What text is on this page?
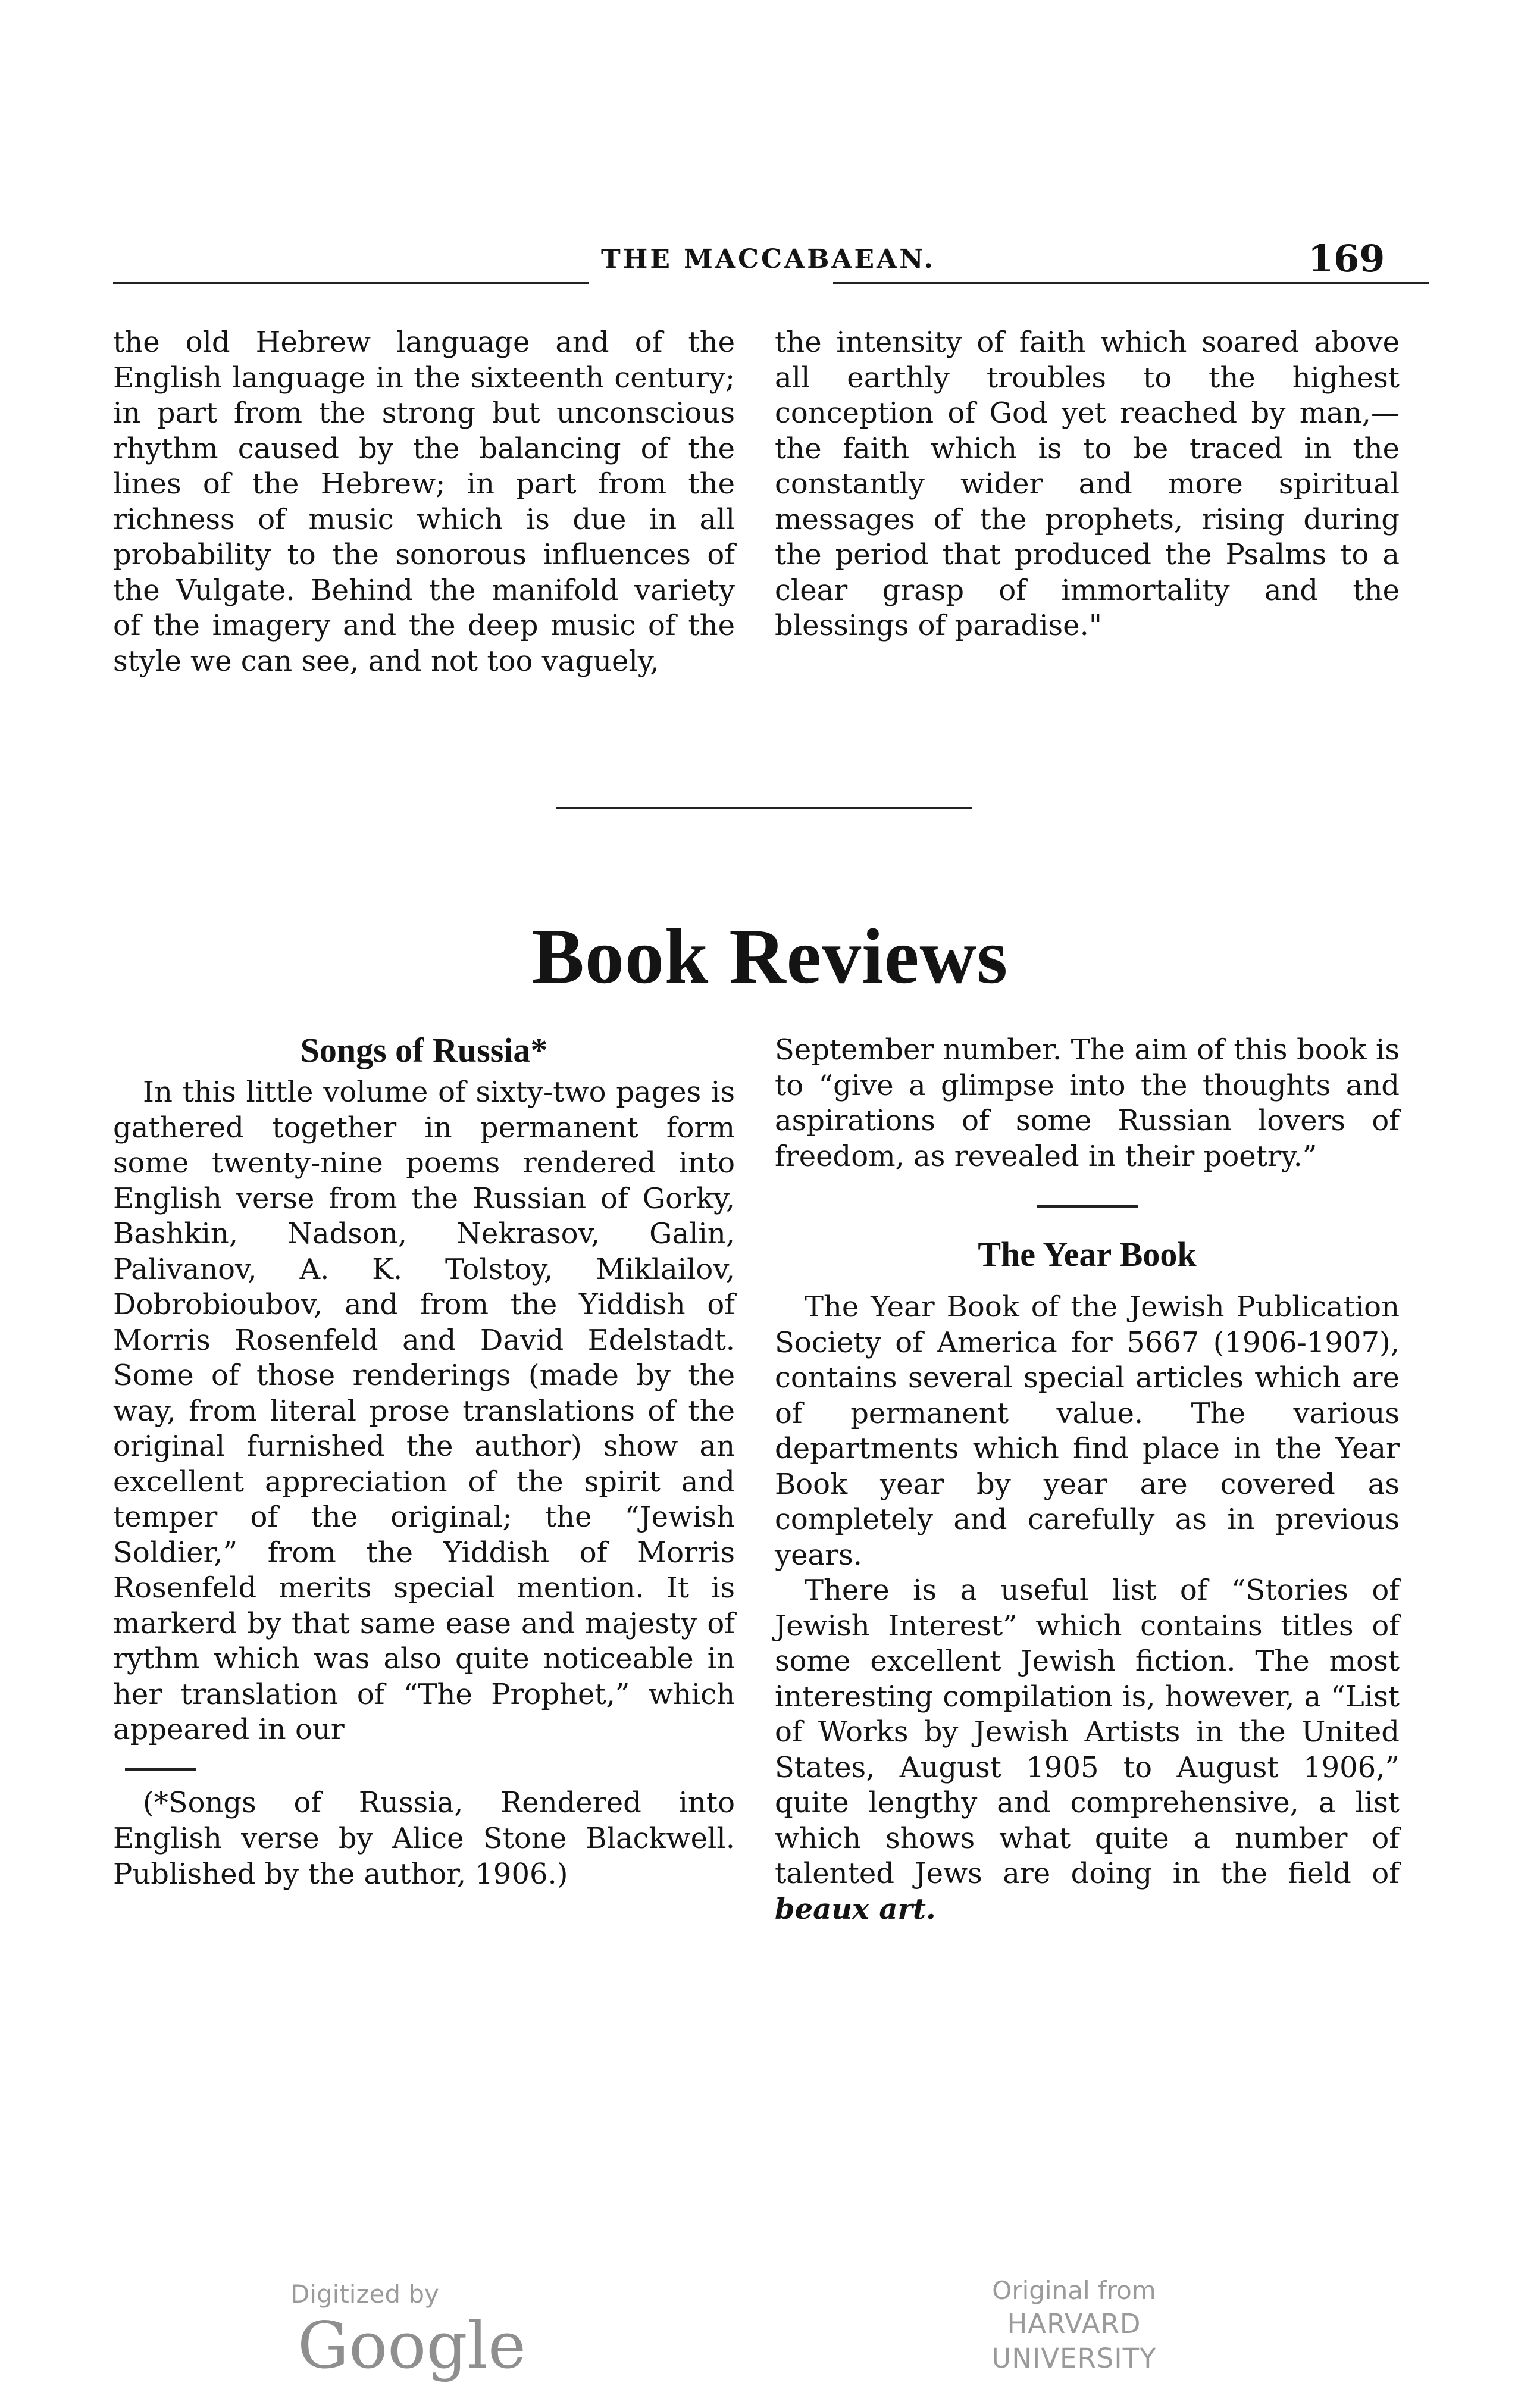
THE MACCABAEAN.	169

the old Hebrew language and of the English language in the sixteenth century; in part from the strong but unconscious rhythm caused by the balancing of the lines of the Hebrew; in part from the richness of music which is due in all probability to the sonorous influences of the Vulgate. Behind the manifold variety of the imagery and the deep music of the style we can see, and not too vaguely,

the intensity of faith which soared above all earthly troubles to the highest conception of God yet reached by man,—the faith which is to be traced in the constantly wider and more spiritual messages of the prophets, rising during the period that produced the Psalms to a clear grasp of immortality and the blessings of paradise."

Book Reviews
Songs of Russia*

In this little volume of sixty-two pages is gathered together in permanent form some twenty-nine poems rendered into English verse from the Russian of Gorky, Bashkin, Nadson, Nekrasov, Galin, Palivanov, A. K. Tolstoy, Miklailov, Dobrobioubov, and from the Yiddish of Morris Rosenfeld and David Edelstadt. Some of those renderings (made by the way, from literal prose translations of the original furnished the author) show an excellent appreciation of the spirit and temper of the original; the “Jewish Soldier,” from the Yiddish of Morris Rosenfeld merits special mention. It is markerd by that same ease and majesty of rythm which was also quite noticeable in her translation of “The Prophet,” which appeared in our

(*Songs of Russia, Rendered into English verse by Alice Stone Blackwell. Published by the author, 1906.)

September number. The aim of this book is to “give a glimpse into the thoughts and aspirations of some Russian lovers of freedom, as revealed in their poetry.”

The Year Book

The Year Book of the Jewish Publication Society of America for 5667 (1906-1907), contains several special articles which are of permanent value. The various departments which find place in the Year Book year by year are covered as completely and carefully as in previous years.

There is a useful list of “Stories of Jewish Interest” which contains titles of some excellent Jewish fiction. The most interesting compilation is, however, a “List of Works by Jewish Artists in the United States, August 1905 to August 1906,” quite lengthy and comprehensive, a list which shows what quite a number of talented Jews are doing in the field of beaux art.

Digitized by Google
Original from
HARVARD UNIVERSITY
